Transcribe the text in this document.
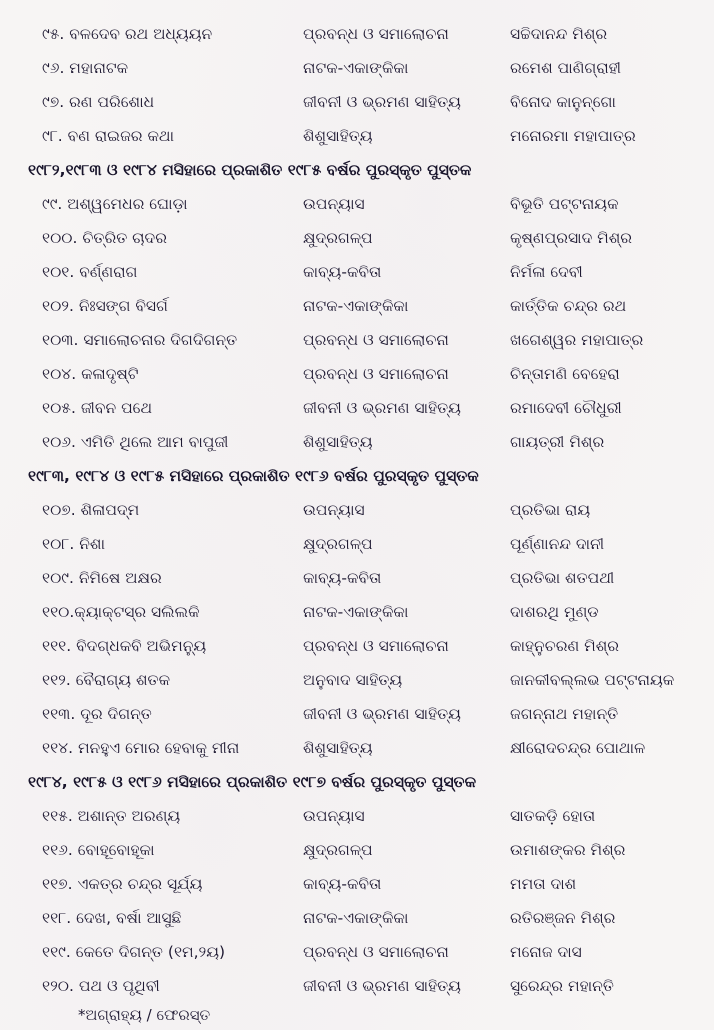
୯୫. ବଳଦେବ ରଥ ଅଧ୍ୟୟନ	ପ୍ରବନ୍ଧ ଓ ସମାଲୋଚନା	ସଚ୍ଚିଦାନନ୍ଦ ମିଶ୍ର
୯୬. ମହାନାଟକ	ନାଟକ-ଏକାଙ୍କିକା	ରମେଶ ପାଣିଗ୍ରାହୀ
୯୭. ରଣ ପରିଶୋଧ	ଜୀବନୀ ଓ ଭ୍ରମଣ ସାହିତ୍ୟ	ବିନୋଦ କାନୁନ୍‌ଗୋ
୯୮. ବଣ ରାଇଜର କଥା	ଶିଶୁସାହିତ୍ୟ	ମନୋରମା ମହାପାତ୍ର
୧୯୮୨,୧୯୮୩ ଓ ୧୯୮୪ ମସିହାରେ ପ୍ରକାଶିତ ୧୯୮୫ ବର୍ଷର ପୁରସ୍କୃତ ପୁସ୍ତକ
୯୯. ଅଶ୍ୱମେଧର ଘୋଡ଼ା	ଉପନ୍ୟାସ	ବିଭୂତି ପଟ୍ଟନାୟକ
୧୦୦. ଚିତ୍ରିତ ଚାଦର	କ୍ଷୁଦ୍ରଗଳ୍ପ	କୃଷ୍ଣପ୍ରସାଦ ମିଶ୍ର
୧୦୧. ବର୍ଣ୍ଣରାଗ	କାବ୍ୟ-କବିତା	ନିର୍ମଳା ଦେବୀ
୧୦୨. ନିଃସଙ୍ଗ ବିସର୍ଗ	ନାଟକ-ଏକାଙ୍କିକା	କାର୍ତ୍ତିକ ଚନ୍ଦ୍ର ରଥ
୧୦୩. ସମାଲୋଚନାର ଦିଗଦିଗନ୍ତ	ପ୍ରବନ୍ଧ ଓ ସମାଲୋଚନା	ଖଗେଶ୍ୱର ମହାପାତ୍ର
୧୦୪. କଳାଦୃଷ୍ଟି	ପ୍ରବନ୍ଧ ଓ ସମାଲୋଚନା	ଚିନ୍ତାମଣି ବେହେରା
୧୦୫. ଜୀବନ ପଥେ	ଜୀବନୀ ଓ ଭ୍ରମଣ ସାହିତ୍ୟ	ରମାଦେବୀ ଚୌଧୁରୀ
୧୦୬. ଏମିତି ଥିଲେ ଆମ ବାପୁଜୀ	ଶିଶୁସାହିତ୍ୟ	ଗାୟତ୍ରୀ ମିଶ୍ର
୧୯୮୩, ୧୯୮୪ ଓ ୧୯୮୫ ମସିହାରେ ପ୍ରକାଶିତ ୧୯୮୬ ବର୍ଷର ପୁରସ୍କୃତ ପୁସ୍ତକ
୧୦୭. ଶିଳାପଦ୍ମ	ଉପନ୍ୟାସ	ପ୍ରତିଭା ରାୟ
୧୦୮. ନିଶା	କ୍ଷୁଦ୍ରଗଳ୍ପ	ପୂର୍ଣ୍ଣାନନ୍ଦ ଦାନୀ
୧୦୯. ନିମିଷେ ଅକ୍ଷର	କାବ୍ୟ-କବିତା	ପ୍ରତିଭା ଶତପଥୀ
୧୧୦.କ୍ୟାକ୍‌ଟସ୍‌ର ସଲିଲକି	ନାଟକ-ଏକାଙ୍କିକା	ଦାଶରଥି ମୁଣ୍ଡ
୧୧୧. ବିଦଗ୍ଧକବି ଅଭିମନ୍ୟୁ	ପ୍ରବନ୍ଧ ଓ ସମାଲୋଚନା	କାହ୍ନୁଚରଣ ମିଶ୍ର
୧୧୨. ବୈରାଗ୍ୟ ଶତକ	ଅନୁବାଦ ସାହିତ୍ୟ	ଜାନକୀବଲ୍ଲଭ ପଟ୍ଟନାୟକ
୧୧୩. ଦୂର ଦିଗନ୍ତ	ଜୀବନୀ ଓ ଭ୍ରମଣ ସାହିତ୍ୟ	ଜଗନ୍ନାଥ ମହାନ୍ତି
୧୧୪. ମନହୁଏ ମୋର ହେବାକୁ ମୀନା	ଶିଶୁସାହିତ୍ୟ	କ୍ଷୀରୋଦଚନ୍ଦ୍ର ପୋଥାଳ
୧୯୮୪, ୧୯୮୫ ଓ ୧୯୮୬ ମସିହାରେ ପ୍ରକାଶିତ ୧୯୮୭ ବର୍ଷର ପୁରସ୍କୃତ ପୁସ୍ତକ
୧୧୫. ଅଶାନ୍ତ ଅରଣ୍ୟ	ଉପନ୍ୟାସ	ସାତକଡ଼ି ହୋତା
୧୧୬. ବୋହୂବୋହୂକା	କ୍ଷୁଦ୍ରଗଳ୍ପ	ଉମାଶଙ୍କର ମିଶ୍ର
୧୧୭. ଏକତ୍ର ଚନ୍ଦ୍ର ସୂର୍ଯ୍ୟ	କାବ୍ୟ-କବିତା	ମମତା ଦାଶ
୧୧୮. ଦେଖ, ବର୍ଷା ଆସୁଛି	ନାଟକ-ଏକାଙ୍କିକା	ରତିରଞ୍ଜନ ମିଶ୍ର
୧୧୯. କେତେ ଦିଗନ୍ତ (୧ମ,୨ୟ)	ପ୍ରବନ୍ଧ ଓ ସମାଲୋଚନା	ମନୋଜ ଦାସ
୧୨୦. ପଥ ଓ ପୃଥିବୀ	ଜୀବନୀ ଓ ଭ୍ରମଣ ସାହିତ୍ୟ	ସୁରେନ୍ଦ୍ର ମହାନ୍ତି
*ଅଗ୍ରାହ୍ୟ / ଫେରସ୍ତ
